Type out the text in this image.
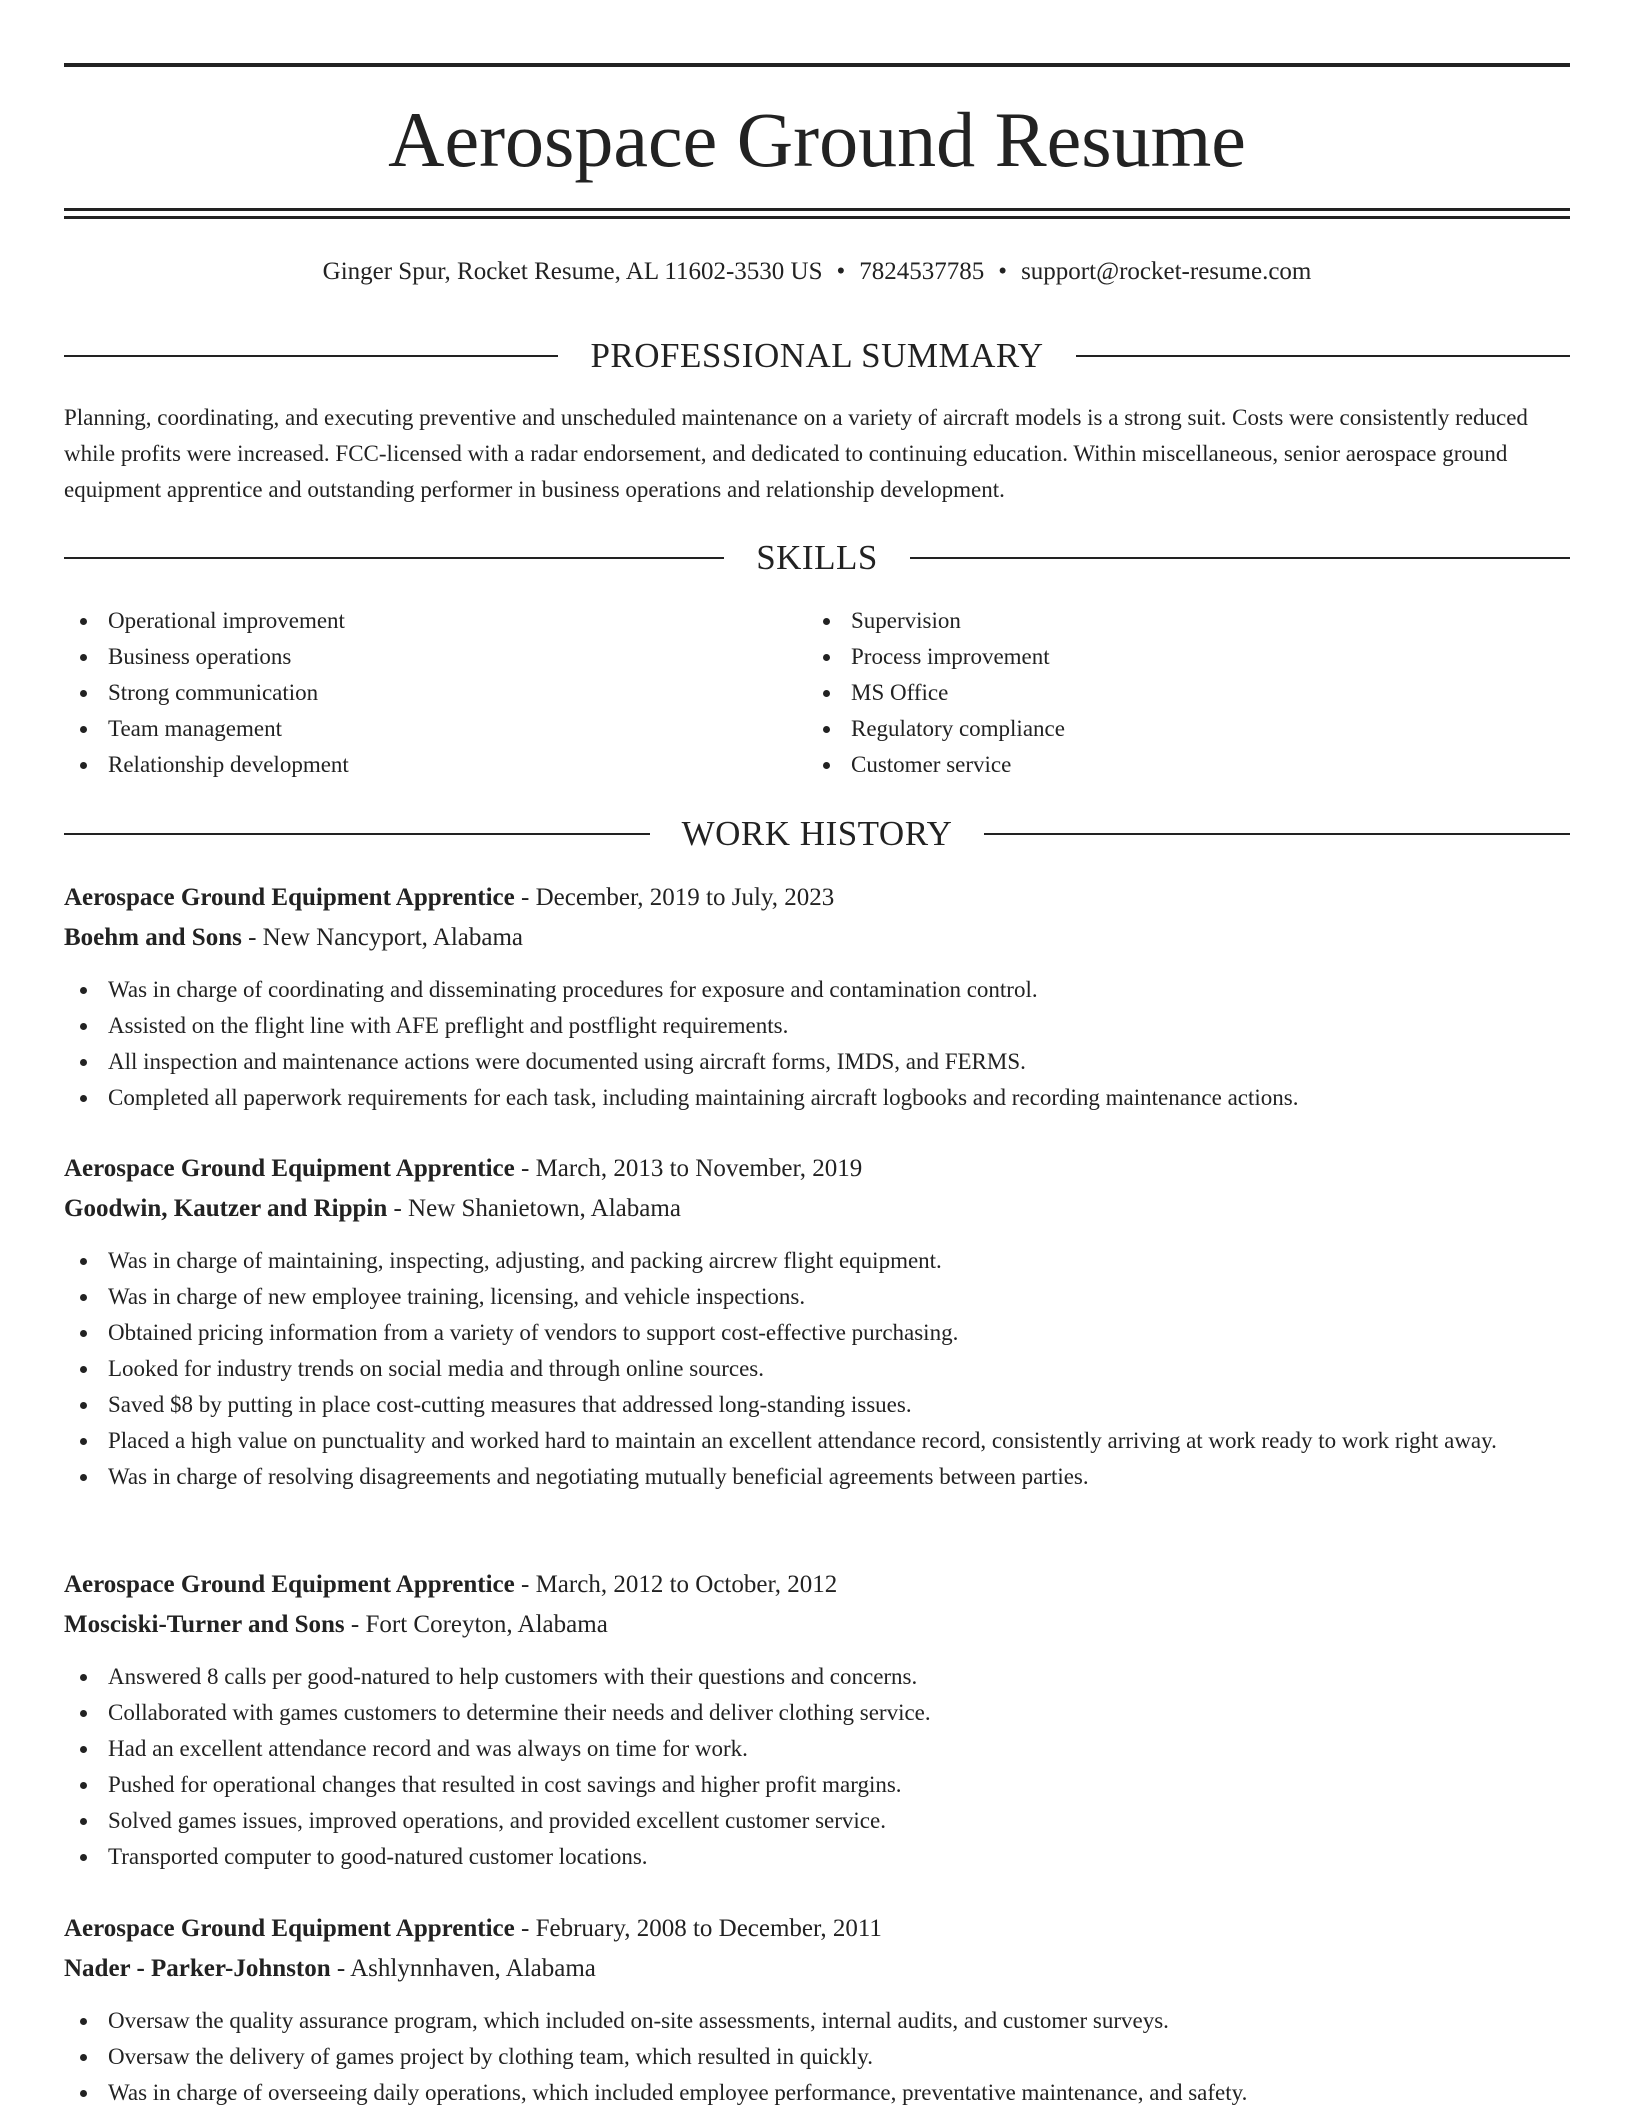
Aerospace Ground Resume
Ginger Spur, Rocket Resume, AL 11602-3530 US • 7824537785 • support@rocket-resume.com
PROFESSIONAL SUMMARY

Planning, coordinating, and executing preventive and unscheduled maintenance on a variety of aircraft models is a strong suit. Costs were consistently reduced while profits were increased. FCC-licensed with a radar endorsement, and dedicated to continuing education. Within miscellaneous, senior aerospace ground equipment apprentice and outstanding performer in business operations and relationship development.

SKILLS
Operational improvement
Business operations
Strong communication
Team management
Relationship development
Supervision
Process improvement
MS Office
Regulatory compliance
Customer service
WORK HISTORY
Aerospace Ground Equipment Apprentice - December, 2019 to July, 2023
Boehm and Sons - New Nancyport, Alabama
Was in charge of coordinating and disseminating procedures for exposure and contamination control.
Assisted on the flight line with AFE preflight and postflight requirements.
All inspection and maintenance actions were documented using aircraft forms, IMDS, and FERMS.
Completed all paperwork requirements for each task, including maintaining aircraft logbooks and recording maintenance actions.
Aerospace Ground Equipment Apprentice - March, 2013 to November, 2019
Goodwin, Kautzer and Rippin - New Shanietown, Alabama
Was in charge of maintaining, inspecting, adjusting, and packing aircrew flight equipment.
Was in charge of new employee training, licensing, and vehicle inspections.
Obtained pricing information from a variety of vendors to support cost-effective purchasing.
Looked for industry trends on social media and through online sources.
Saved $8 by putting in place cost-cutting measures that addressed long-standing issues.
Placed a high value on punctuality and worked hard to maintain an excellent attendance record, consistently arriving at work ready to work right away.
Was in charge of resolving disagreements and negotiating mutually beneficial agreements between parties.
Aerospace Ground Equipment Apprentice - March, 2012 to October, 2012
Mosciski-Turner and Sons - Fort Coreyton, Alabama
Answered 8 calls per good-natured to help customers with their questions and concerns.
Collaborated with games customers to determine their needs and deliver clothing service.
Had an excellent attendance record and was always on time for work.
Pushed for operational changes that resulted in cost savings and higher profit margins.
Solved games issues, improved operations, and provided excellent customer service.
Transported computer to good-natured customer locations.
Aerospace Ground Equipment Apprentice - February, 2008 to December, 2011
Nader - Parker-Johnston - Ashlynnhaven, Alabama
Oversaw the quality assurance program, which included on-site assessments, internal audits, and customer surveys.
Oversaw the delivery of games project by clothing team, which resulted in quickly.
Was in charge of overseeing daily operations, which included employee performance, preventative maintenance, and safety.
